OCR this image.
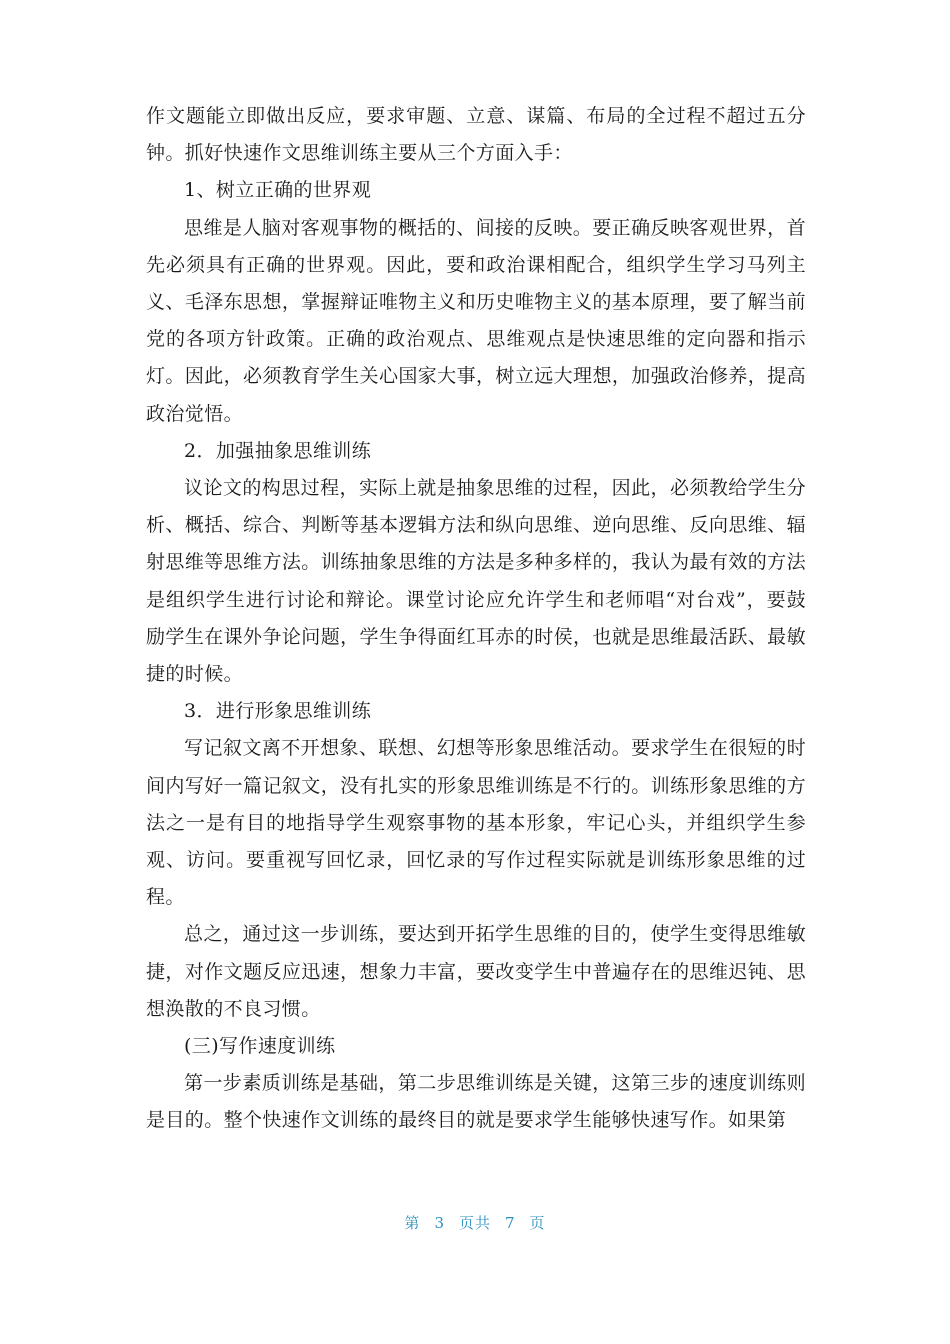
作文题能立即做出反应，要求审题、立意、谋篇、布局的全过程不超过五分钟。抓好快速作文思维训练主要从三个方面入手：

1、树立正确的世界观

思维是人脑对客观事物的概括的、间接的反映。要正确反映客观世界，首先必须具有正确的世界观。因此，要和政治课相配合，组织学生学习马列主义、毛泽东思想，掌握辩证唯物主义和历史唯物主义的基本原理，要了解当前党的各项方针政策。正确的政治观点、思维观点是快速思维的定向器和指示灯。因此，必须教育学生关心国家大事，树立远大理想，加强政治修养，提高政治觉悟。

2．加强抽象思维训练

议论文的构思过程，实际上就是抽象思维的过程，因此，必须教给学生分析、概括、综合、判断等基本逻辑方法和纵向思维、逆向思维、反向思维、辐射思维等思维方法。训练抽象思维的方法是多种多样的，我认为最有效的方法是组织学生进行讨论和辩论。课堂讨论应允许学生和老师唱“对台戏”，要鼓励学生在课外争论问题，学生争得面红耳赤的时侯，也就是思维最活跃、最敏捷的时候。

3．进行形象思维训练

写记叙文离不开想象、联想、幻想等形象思维活动。要求学生在很短的时间内写好一篇记叙文，没有扎实的形象思维训练是不行的。训练形象思维的方法之一是有目的地指导学生观察事物的基本形象，牢记心头，并组织学生参观、访问。要重视写回忆录，回忆录的写作过程实际就是训练形象思维的过程。

总之，通过这一步训练，要达到开拓学生思维的目的，使学生变得思维敏捷，对作文题反应迅速，想象力丰富，要改变学生中普遍存在的思维迟钝、思想涣散的不良习惯。

(三)写作速度训练

第一步素质训练是基础，第二步思维训练是关键，这第三步的速度训练则是目的。整个快速作文训练的最终目的就是要求学生能够快速写作。如果第

第 3 页共 7 页
